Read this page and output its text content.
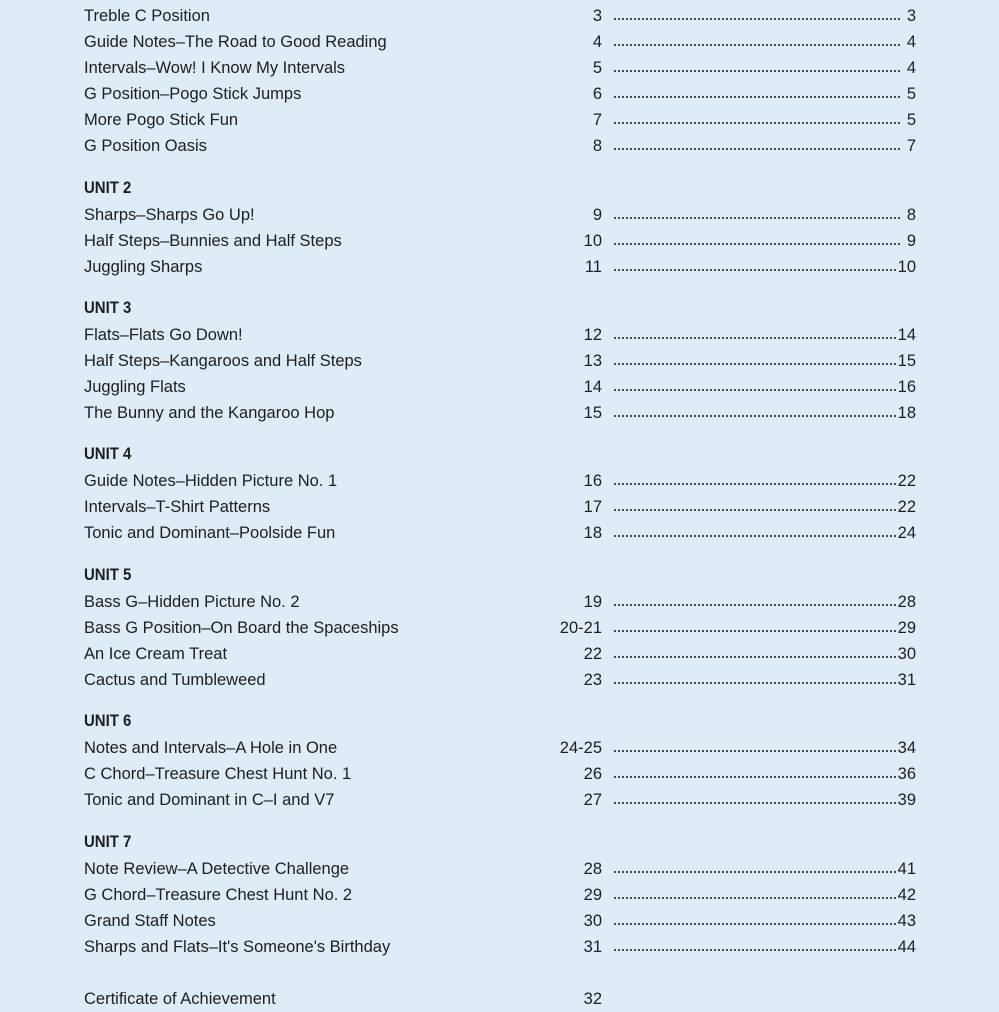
Treble C Position	3	3
Guide Notes–The Road to Good Reading	4	4
Intervals–Wow! I Know My Intervals	5	4
G Position–Pogo Stick Jumps	6	5
More Pogo Stick Fun	7	5
G Position Oasis	8	7
UNIT 2
Sharps–Sharps Go Up!	9	8
Half Steps–Bunnies and Half Steps	10	9
Juggling Sharps	11	10
UNIT 3
Flats–Flats Go Down!	12	14
Half Steps–Kangaroos and Half Steps	13	15
Juggling Flats	14	16
The Bunny and the Kangaroo Hop	15	18
UNIT 4
Guide Notes–Hidden Picture No. 1	16	22
Intervals–T-Shirt Patterns	17	22
Tonic and Dominant–Poolside Fun	18	24
UNIT 5
Bass G–Hidden Picture No. 2	19	28
Bass G Position–On Board the Spaceships	20-21	29
An Ice Cream Treat	22	30
Cactus and Tumbleweed	23	31
UNIT 6
Notes and Intervals–A Hole in One	24-25	34
C Chord–Treasure Chest Hunt No. 1	26	36
Tonic and Dominant in C–I and V7	27	39
UNIT 7
Note Review–A Detective Challenge	28	41
G Chord–Treasure Chest Hunt No. 2	29	42
Grand Staff Notes	30	43
Sharps and Flats–It's Someone's Birthday	31	44
Certificate of Achievement	32
